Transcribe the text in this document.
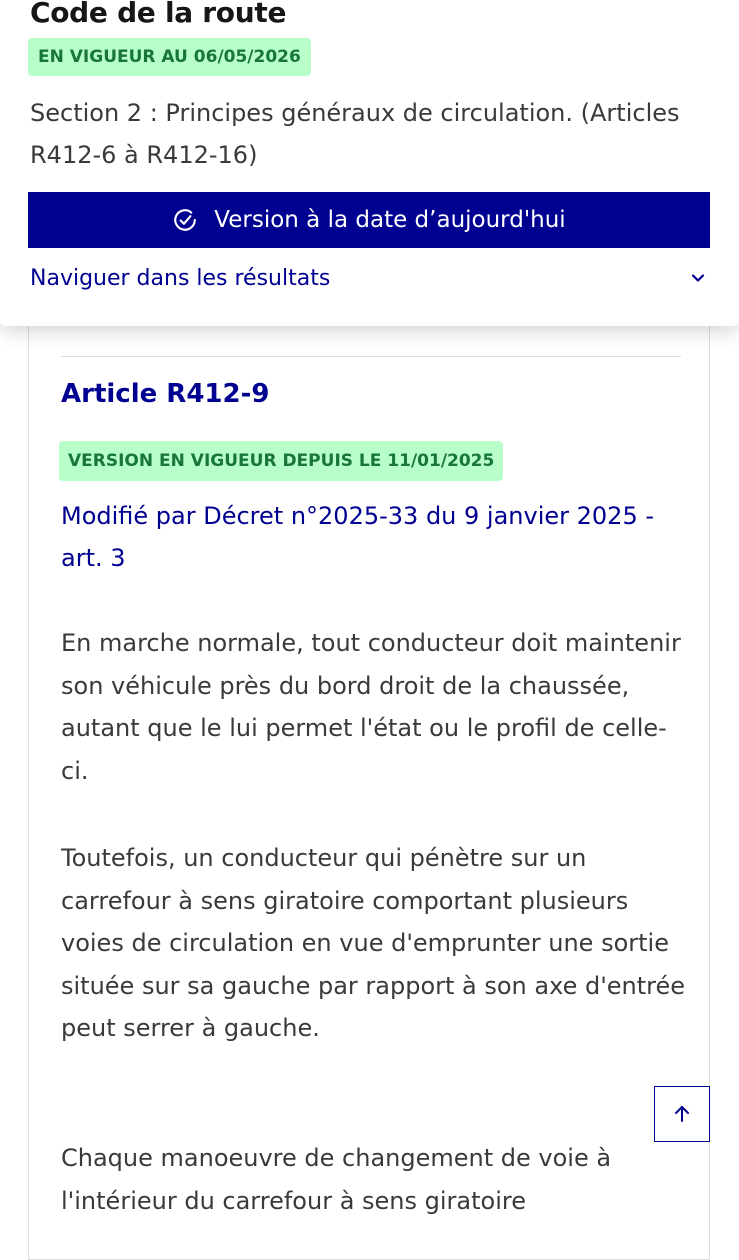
Code de la route
EN VIGUEUR AU 06/05/2026

Section 2 : Principes généraux de circulation. (Articles R412-6 à R412-16)

Version à la date d’aujourd'hui
Naviguer dans les résultats
Article R412-9
VERSION EN VIGUEUR DEPUIS LE 11/01/2025
Modifié par Décret n°2025-33 du 9 janvier 2025 - art. 3

En marche normale, tout conducteur doit maintenir son véhicule près du bord droit de la chaussée, autant que le lui permet l'état ou le profil de celle-ci.

Toutefois, un conducteur qui pénètre sur un carrefour à sens giratoire comportant plusieurs voies de circulation en vue d'emprunter une sortie située sur sa gauche par rapport à son axe d'entrée peut serrer à gauche.

Chaque manoeuvre de changement de voie à l'intérieur du carrefour à sens giratoire
